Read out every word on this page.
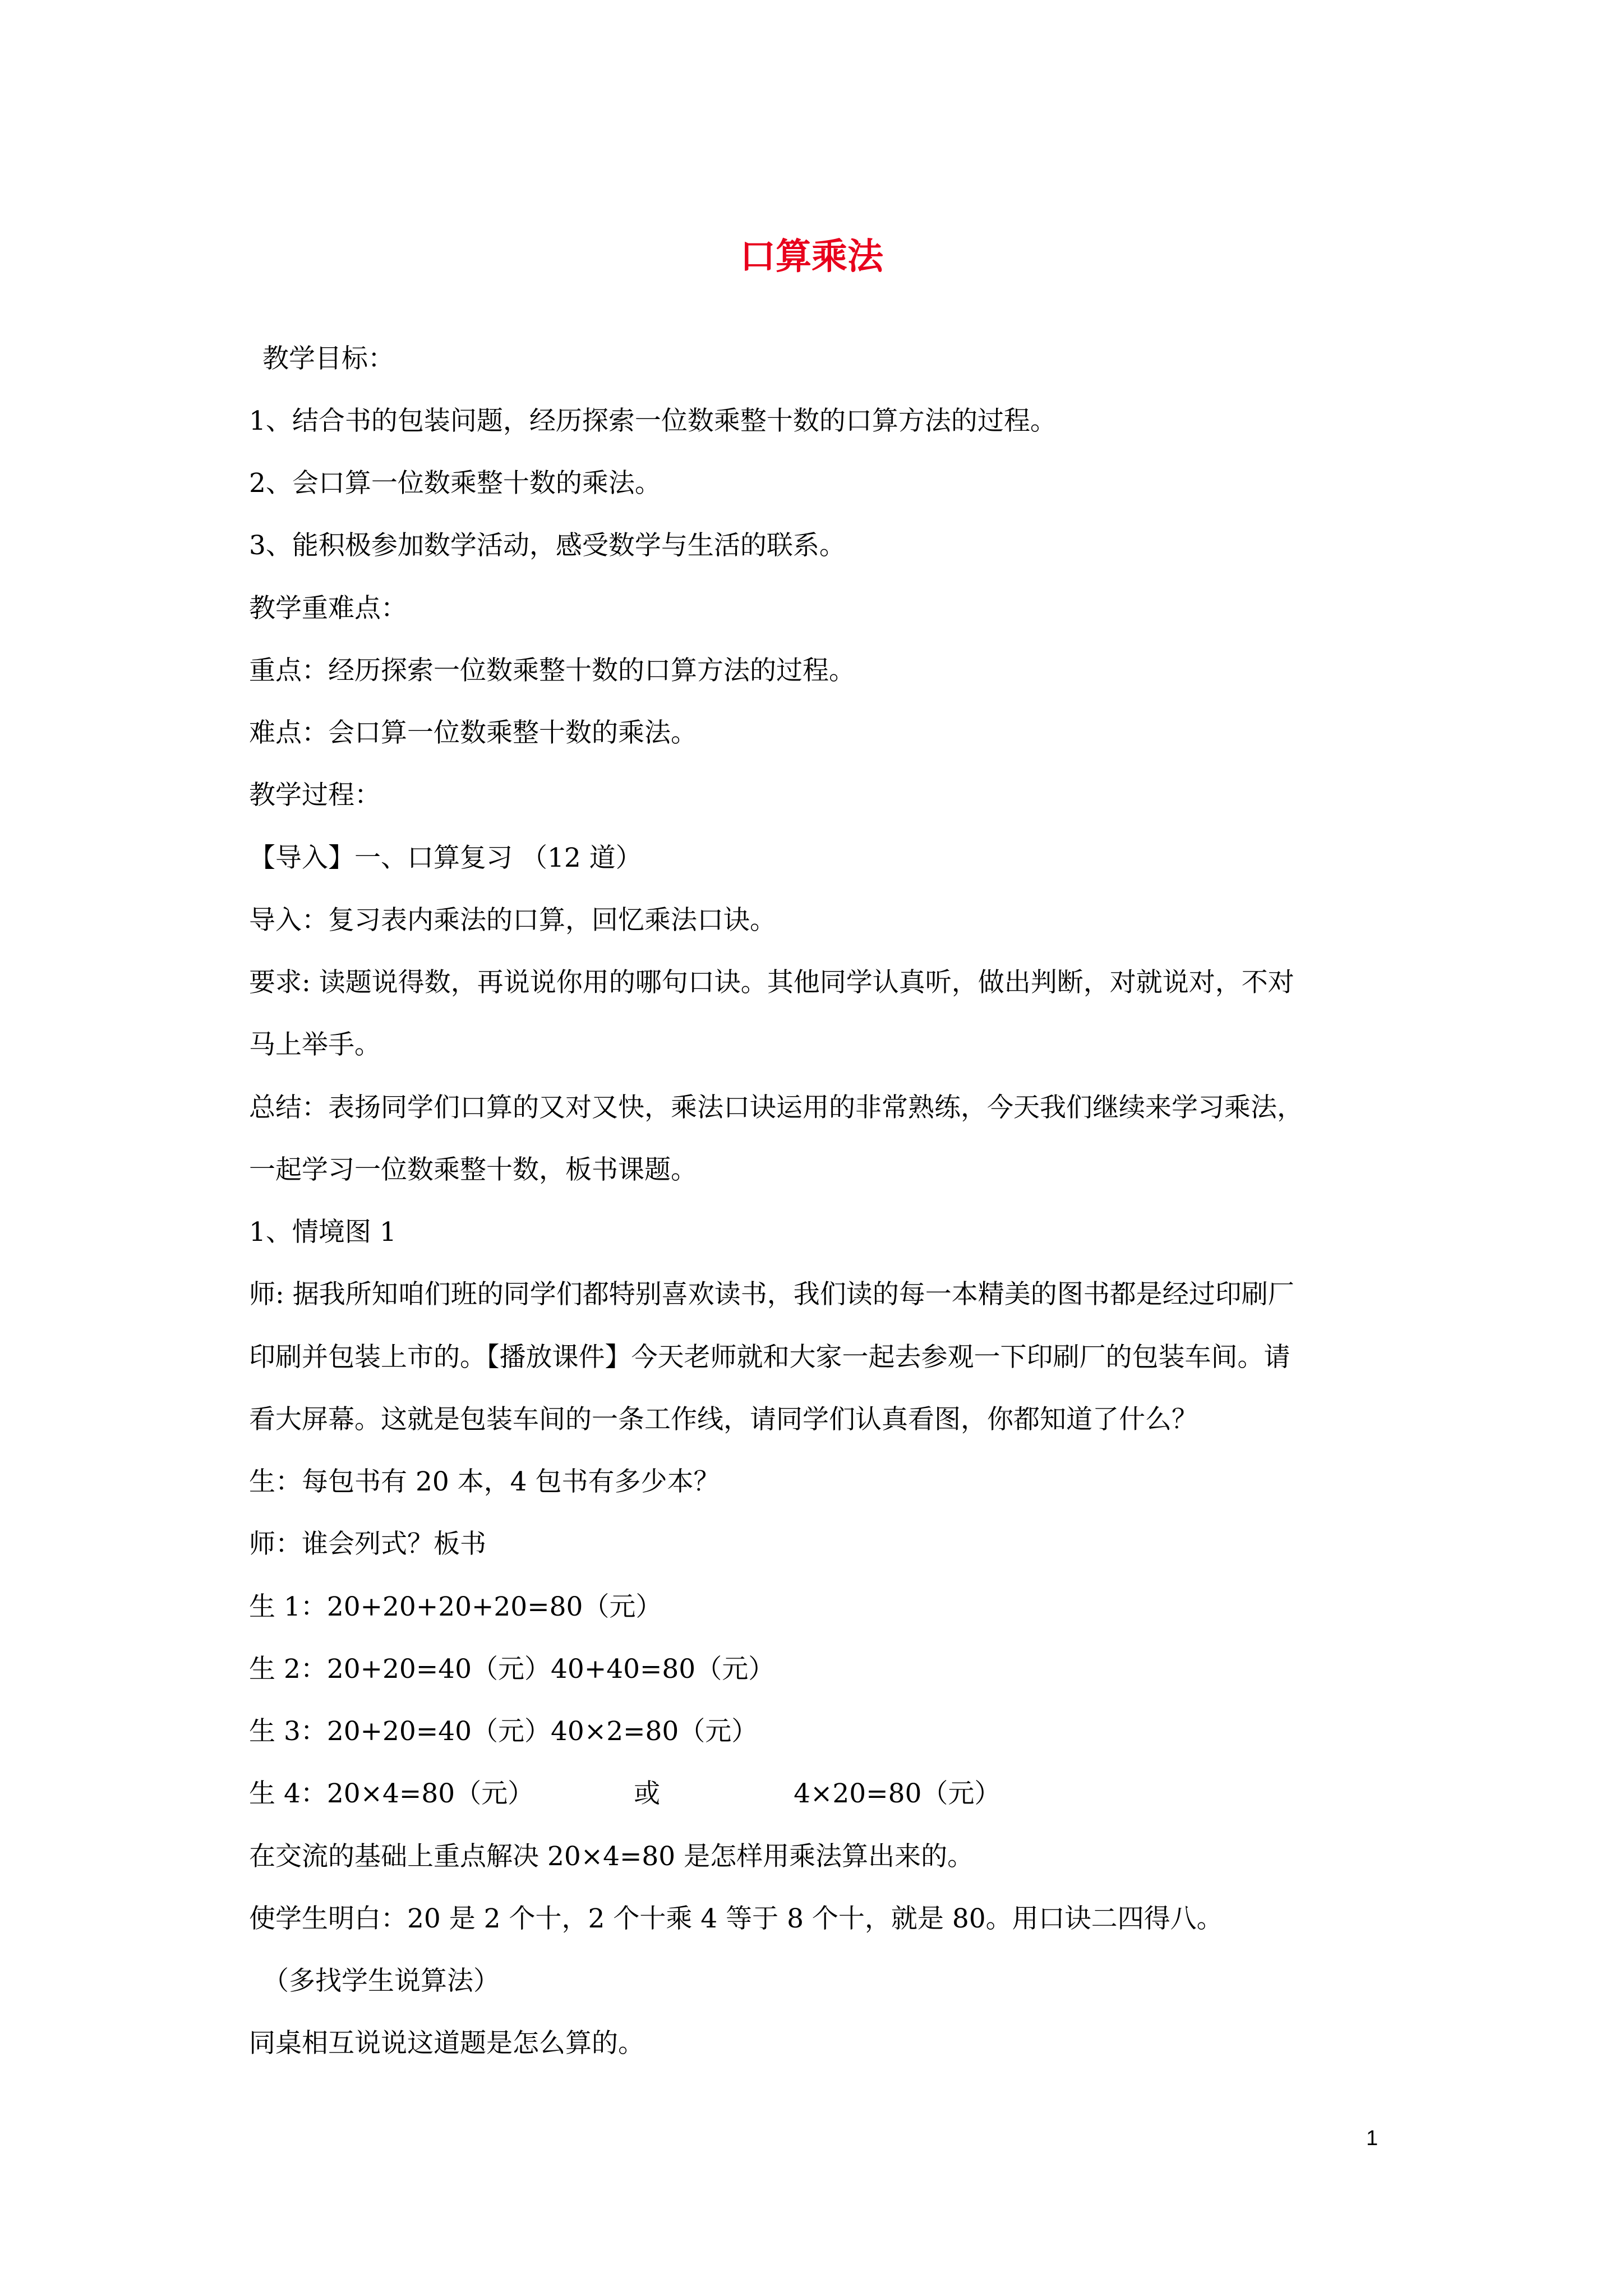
口算乘法
教学目标：
1、结合书的包装问题，经历探索一位数乘整十数的口算方法的过程。
2、会口算一位数乘整十数的乘法。
3、能积极参加数学活动，感受数学与生活的联系。
教学重难点：
重点：经历探索一位数乘整十数的口算方法的过程。
难点：会口算一位数乘整十数的乘法。
教学过程：
【导入】一、口算复习 （12 道）
导入：复习表内乘法的口算，回忆乘法口诀。
要求: 读题说得数，再说说你用的哪句口诀。其他同学认真听，做出判断，对就说对，不对
马上举手。
总结：表扬同学们口算的又对又快，乘法口诀运用的非常熟练，今天我们继续来学习乘法，
一起学习一位数乘整十数，板书课题。
1、情境图 1
师: 据我所知咱们班的同学们都特别喜欢读书，我们读的每一本精美的图书都是经过印刷厂
印刷并包装上市的。【播放课件】今天老师就和大家一起去参观一下印刷厂的包装车间。请
看大屏幕。这就是包装车间的一条工作线，请同学们认真看图，你都知道了什么？
生：每包书有 20 本，4 包书有多少本？
师：谁会列式？板书
生 1：20+20+20+20=80（元）
生 2：20+20=40（元）40+40=80（元）
生 3：20+20=40（元）40×2=80（元）
生 4：20×4=80（元）	或	4×20=80（元）
在交流的基础上重点解决 20×4=80 是怎样用乘法算出来的。
使学生明白：20 是 2 个十，2 个十乘 4 等于 8 个十，就是 80。用口诀二四得八。
（多找学生说算法）
同桌相互说说这道题是怎么算的。
1
